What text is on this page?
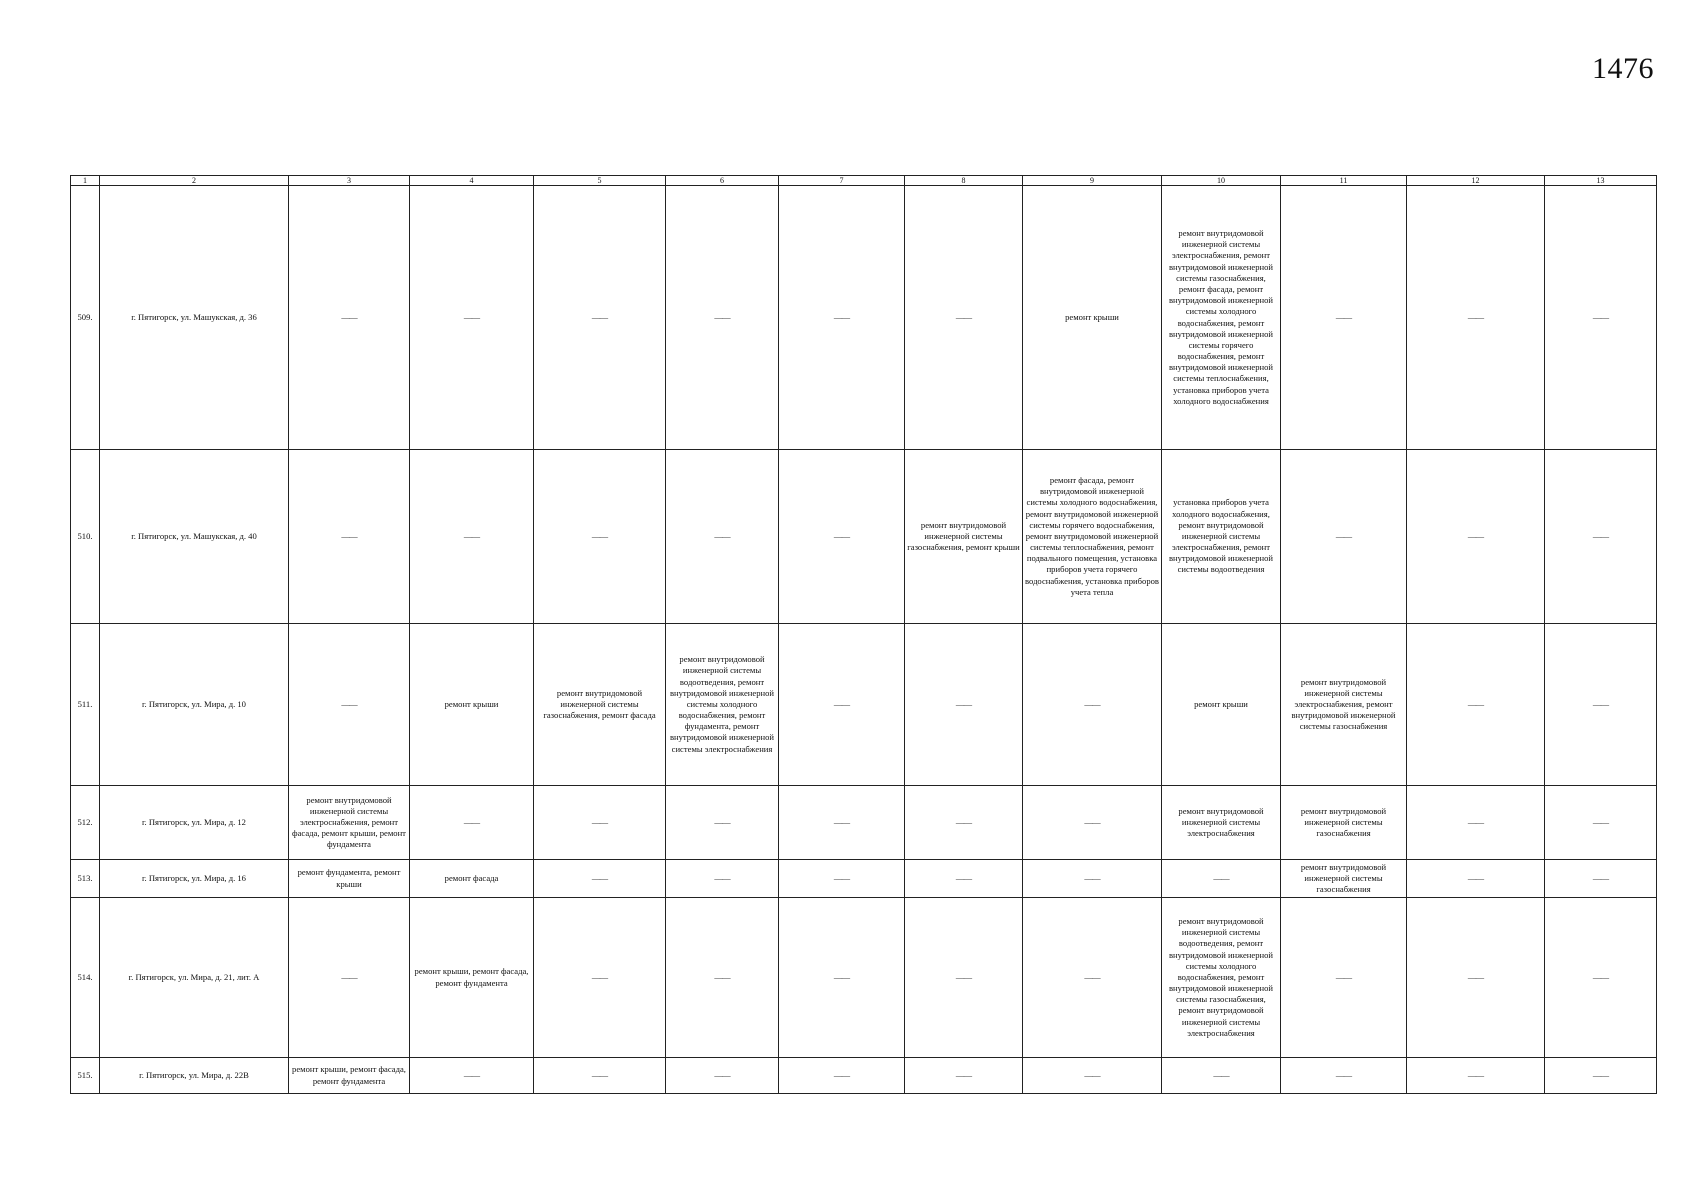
1476
1	2	3	4	5	6	7	8	9	10	11	12	13
509.	г. Пятигорск, ул. Машукская, д. 36	——	——	——	——	——	——	ремонт крыши	ремонт внутридомовой инженерной системы электроснабжения, ремонт внутридомовой инженерной системы газоснабжения, ремонт фасада, ремонт внутридомовой инженерной системы холодного водоснабжения, ремонт внутридомовой инженерной системы горячего водоснабжения, ремонт внутридомовой инженерной системы теплоснабжения, установка приборов учета холодного водоснабжения	——	——	——
510.	г. Пятигорск, ул. Машукская, д. 40	——	——	——	——	——	ремонт внутридомовой инженерной системы газоснабжения, ремонт крыши	ремонт фасада, ремонт внутридомовой инженерной системы холодного водоснабжения, ремонт внутридомовой инженерной системы горячего водоснабжения, ремонт внутридомовой инженерной системы теплоснабжения, ремонт подвального помещения, установка приборов учета горячего водоснабжения, установка приборов учета тепла	установка приборов учета холодного водоснабжения, ремонт внутридомовой инженерной системы электроснабжения, ремонт внутридомовой инженерной системы водоотведения	——	——	——
511.	г. Пятигорск, ул. Мира, д. 10	——	ремонт крыши	ремонт внутридомовой инженерной системы газоснабжения, ремонт фасада	ремонт внутридомовой инженерной системы водоотведения, ремонт внутридомовой инженерной системы холодного водоснабжения, ремонт фундамента, ремонт внутридомовой инженерной системы электроснабжения	——	——	——	ремонт крыши	ремонт внутридомовой инженерной системы электроснабжения, ремонт внутридомовой инженерной системы газоснабжения	——	——
512.	г. Пятигорск, ул. Мира, д. 12	ремонт внутридомовой инженерной системы электроснабжения, ремонт фасада, ремонт крыши, ремонт фундамента	——	——	——	——	——	——	ремонт внутридомовой инженерной системы электроснабжения	ремонт внутридомовой инженерной системы газоснабжения	——	——
513.	г. Пятигорск, ул. Мира, д. 16	ремонт фундамента, ремонт крыши	ремонт фасада	——	——	——	——	——	——	ремонт внутридомовой инженерной системы газоснабжения	——	——
514.	г. Пятигорск, ул. Мира, д. 21, лит. А	——	ремонт крыши, ремонт фасада, ремонт фундамента	——	——	——	——	——	ремонт внутридомовой инженерной системы водоотведения, ремонт внутридомовой инженерной системы холодного водоснабжения, ремонт внутридомовой инженерной системы газоснабжения, ремонт внутридомовой инженерной системы электроснабжения	——	——	——
515.	г. Пятигорск, ул. Мира, д. 22В	ремонт крыши, ремонт фасада, ремонт фундамента	——	——	——	——	——	——	——	——	——	——
